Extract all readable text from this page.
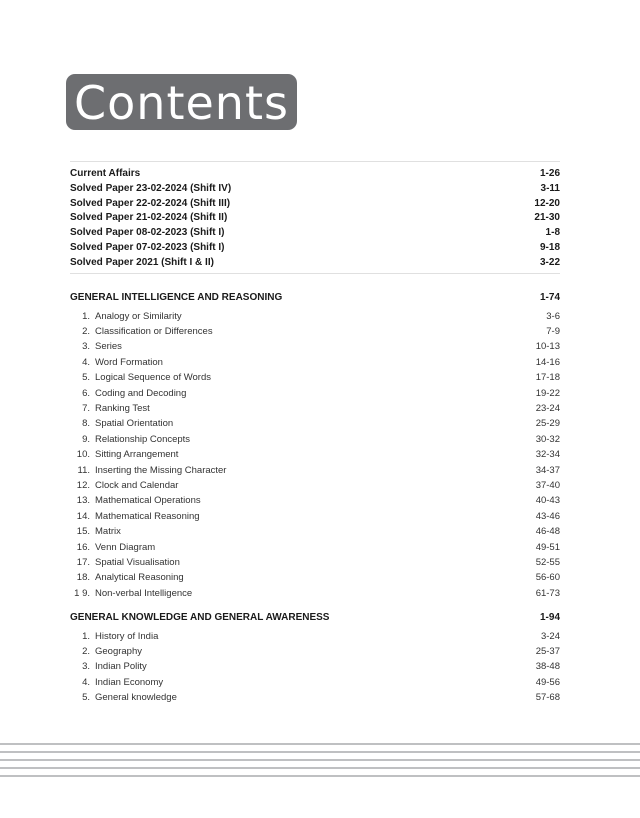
Contents
Current Affairs	1-26
Solved Paper 23-02-2024 (Shift IV)	3-11
Solved Paper 22-02-2024 (Shift III)	12-20
Solved Paper 21-02-2024 (Shift II)	21-30
Solved Paper 08-02-2023 (Shift I)	1-8
Solved Paper 07-02-2023 (Shift I)	9-18
Solved Paper 2021 (Shift I & II)	3-22
GENERAL INTELLIGENCE AND REASONING	1-74
1. Analogy or Similarity	3-6
2. Classification or Differences	7-9
3. Series	10-13
4. Word Formation	14-16
5. Logical Sequence of Words	17-18
6. Coding and Decoding	19-22
7. Ranking Test	23-24
8. Spatial Orientation	25-29
9. Relationship Concepts	30-32
10. Sitting Arrangement	32-34
11. Inserting the Missing Character	34-37
12. Clock and Calendar	37-40
13. Mathematical Operations	40-43
14. Mathematical Reasoning	43-46
15. Matrix	46-48
16. Venn Diagram	49-51
17. Spatial Visualisation	52-55
18. Analytical Reasoning	56-60
1 9. Non-verbal Intelligence	61-73
GENERAL KNOWLEDGE AND GENERAL AWARENESS	1-94
1. History of India	3-24
2. Geography	25-37
3. Indian Polity	38-48
4. Indian Economy	49-56
5. General knowledge	57-68
